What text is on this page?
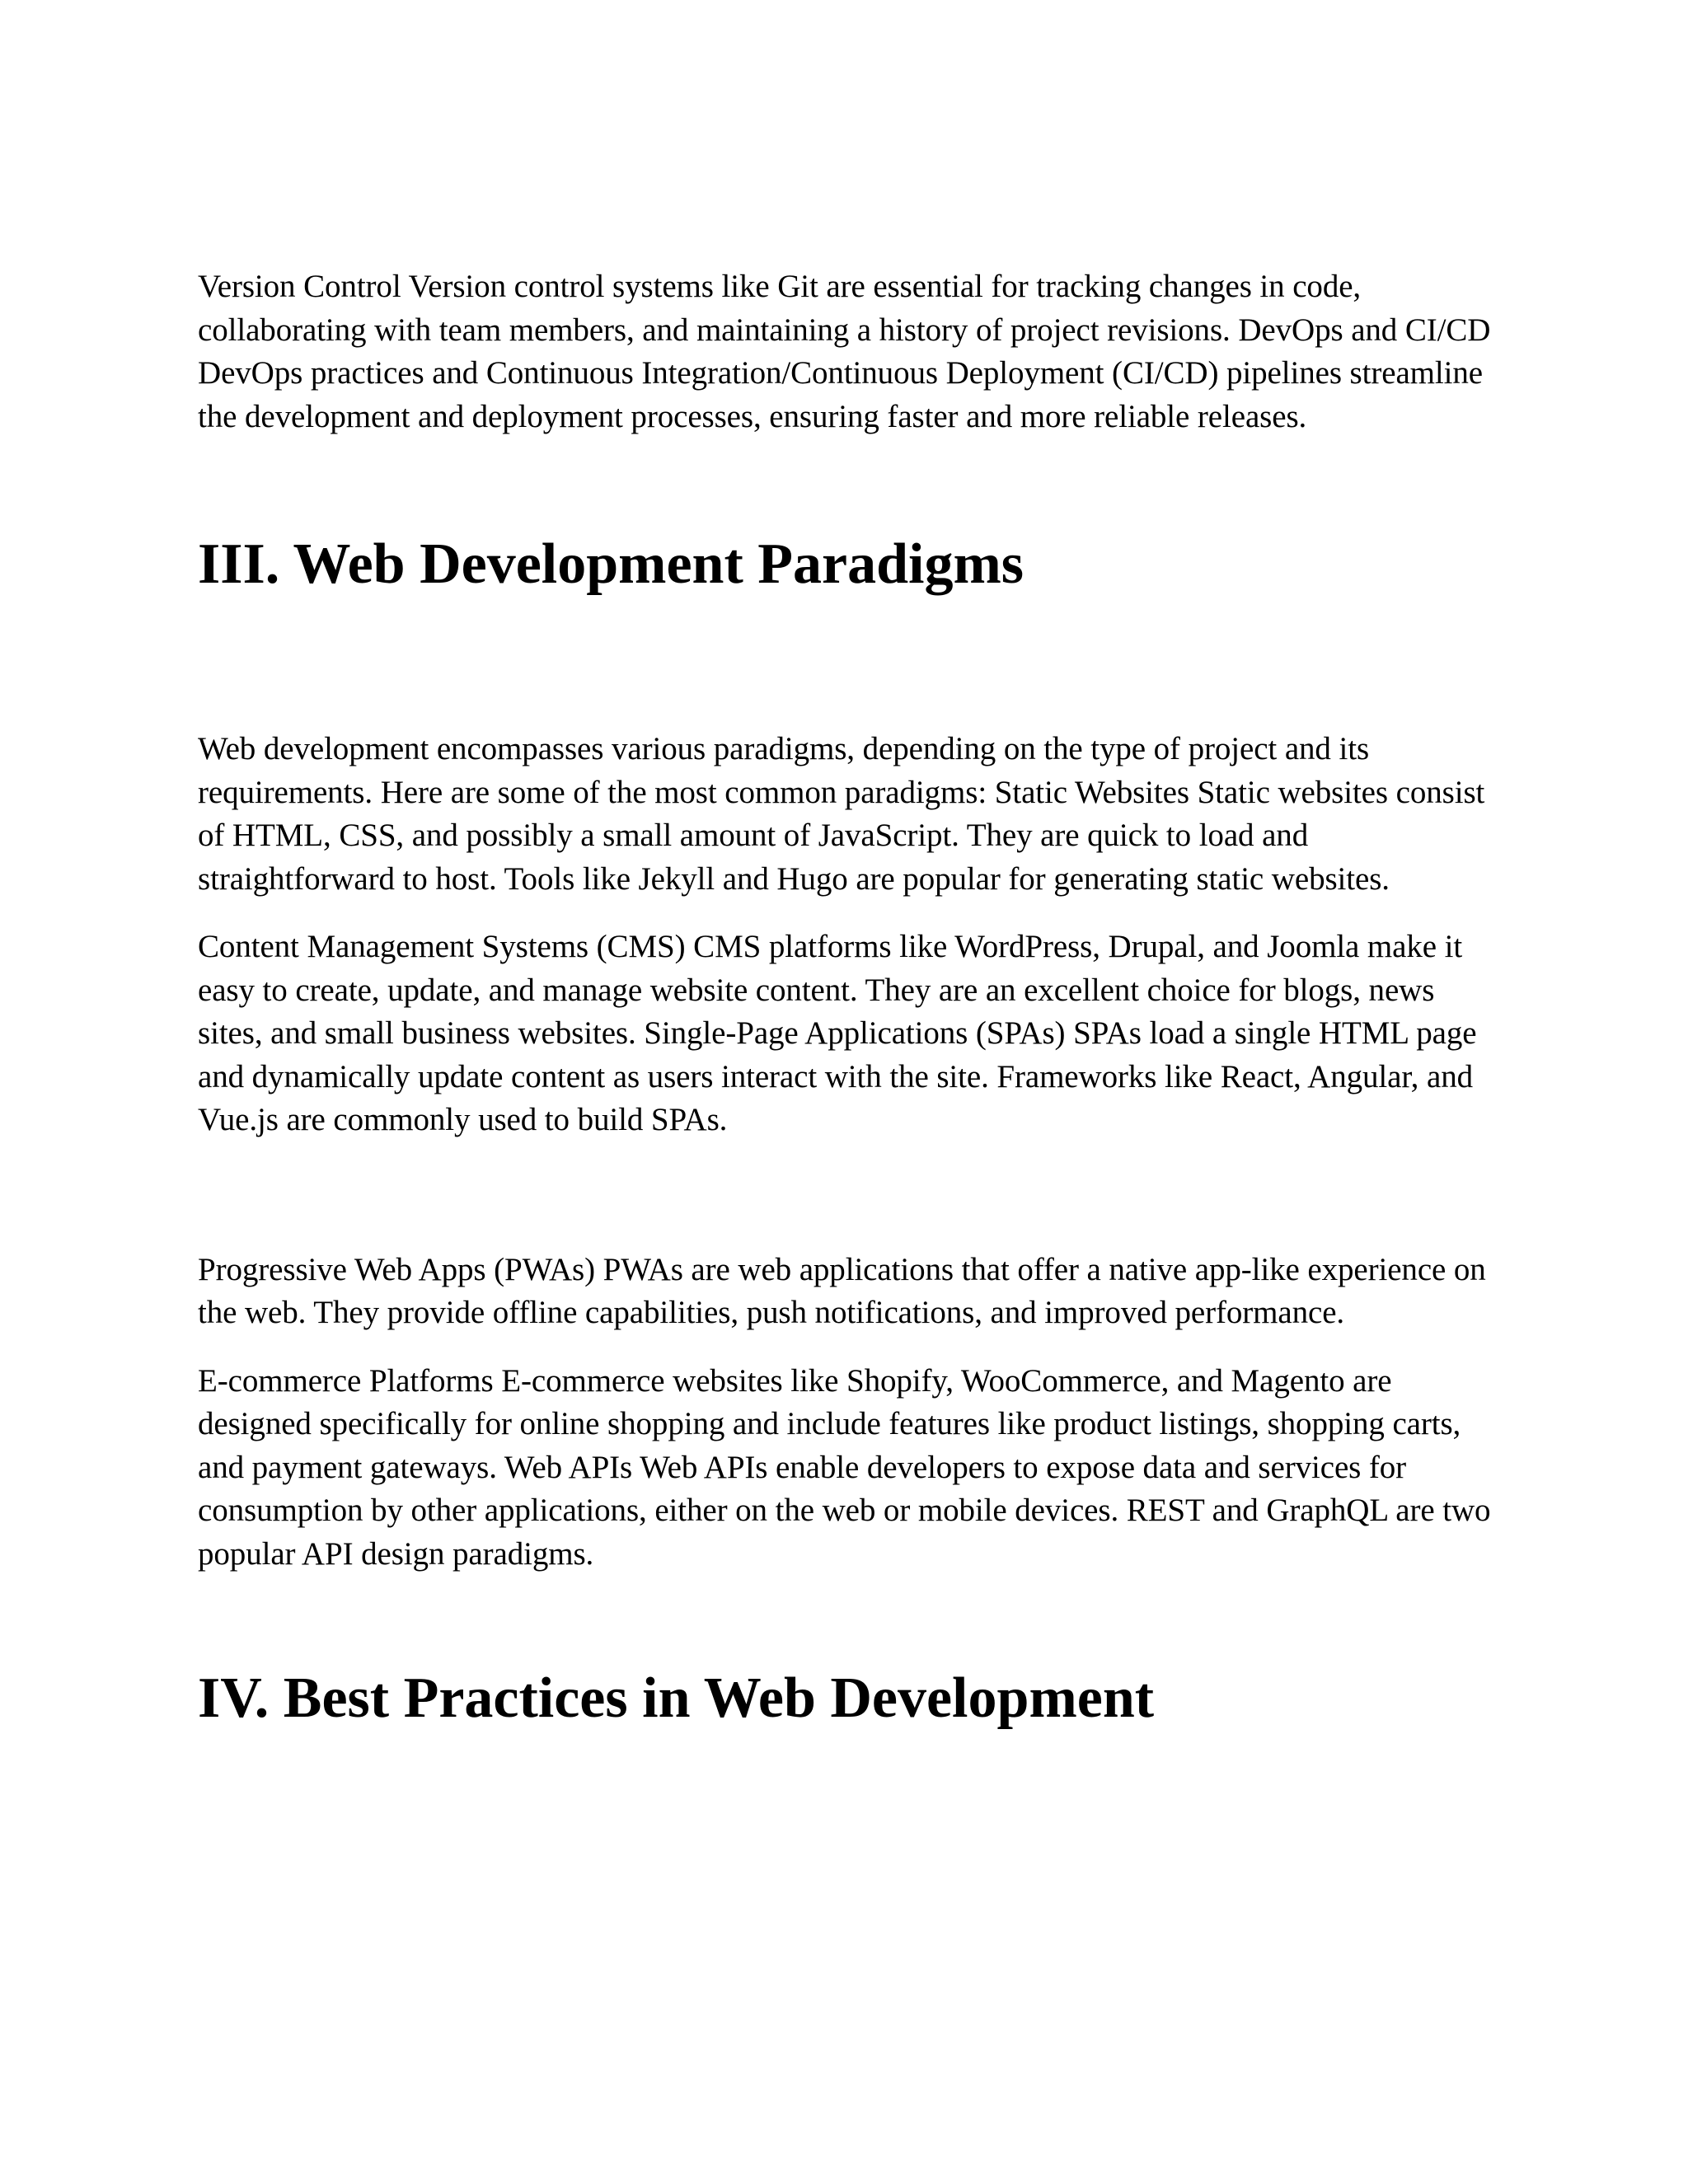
Version Control Version control systems like Git are essential for tracking changes in code, collaborating with team members, and maintaining a history of project revisions. DevOps and CI/CD DevOps practices and Continuous Integration/Continuous Deployment (CI/CD) pipelines streamline the development and deployment processes, ensuring faster and more reliable releases.

III. Web Development Paradigms

Web development encompasses various paradigms, depending on the type of project and its requirements. Here are some of the most common paradigms: Static Websites Static websites consist of HTML, CSS, and possibly a small amount of JavaScript. They are quick to load and straightforward to host. Tools like Jekyll and Hugo are popular for generating static websites.

Content Management Systems (CMS) CMS platforms like WordPress, Drupal, and Joomla make it easy to create, update, and manage website content. They are an excellent choice for blogs, news sites, and small business websites. Single-Page Applications (SPAs) SPAs load a single HTML page and dynamically update content as users interact with the site. Frameworks like React, Angular, and Vue.js are commonly used to build SPAs.

Progressive Web Apps (PWAs) PWAs are web applications that offer a native app-like experience on the web. They provide offline capabilities, push notifications, and improved performance.

E-commerce Platforms E-commerce websites like Shopify, WooCommerce, and Magento are designed specifically for online shopping and include features like product listings, shopping carts, and payment gateways. Web APIs Web APIs enable developers to expose data and services for consumption by other applications, either on the web or mobile devices. REST and GraphQL are two popular API design paradigms.

IV. Best Practices in Web Development
